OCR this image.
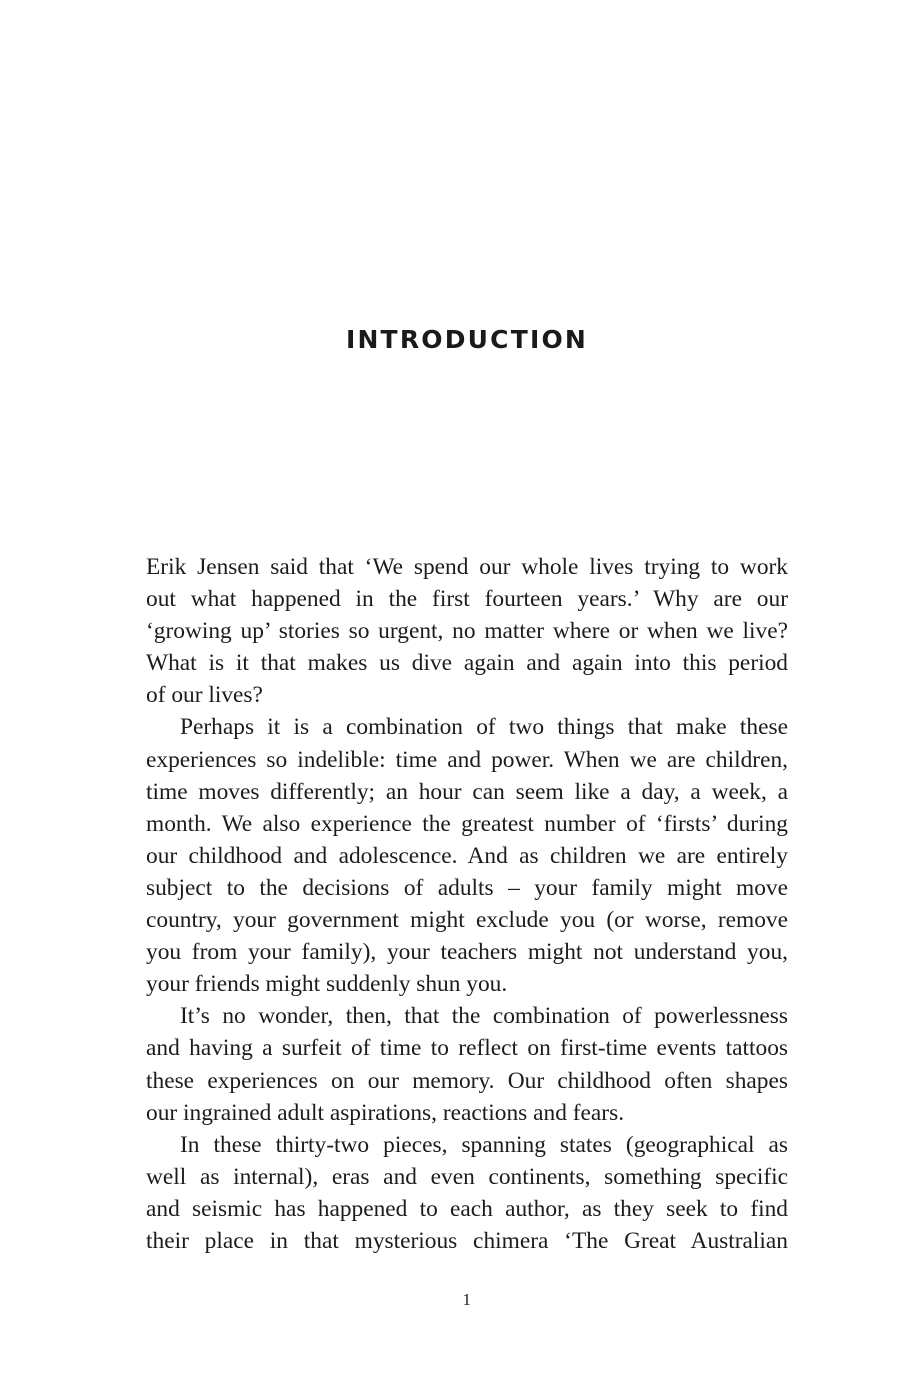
INTRODUCTION
Erik Jensen said that ‘We spend our whole lives trying to work
out what happened in the first fourteen years.’ Why are our
‘growing up’ stories so urgent, no matter where or when we live?
What is it that makes us dive again and again into this period
of our lives?
Perhaps it is a combination of two things that make these
experiences so indelible: time and power. When we are children,
time moves differently; an hour can seem like a day, a week, a
month. We also experience the greatest number of ‘firsts’ during
our childhood and adolescence. And as children we are entirely
subject to the decisions of adults – your family might move
country, your government might exclude you (or worse, remove
you from your family), your teachers might not understand you,
your friends might suddenly shun you.
It’s no wonder, then, that the combination of powerlessness
and having a surfeit of time to reflect on first-time events tattoos
these experiences on our memory. Our childhood often shapes
our ingrained adult aspirations, reactions and fears.
In these thirty-two pieces, spanning states (geographical as
well as internal), eras and even continents, something specific
and seismic has happened to each author, as they seek to find
their place in that mysterious chimera ‘The Great Australian
1
